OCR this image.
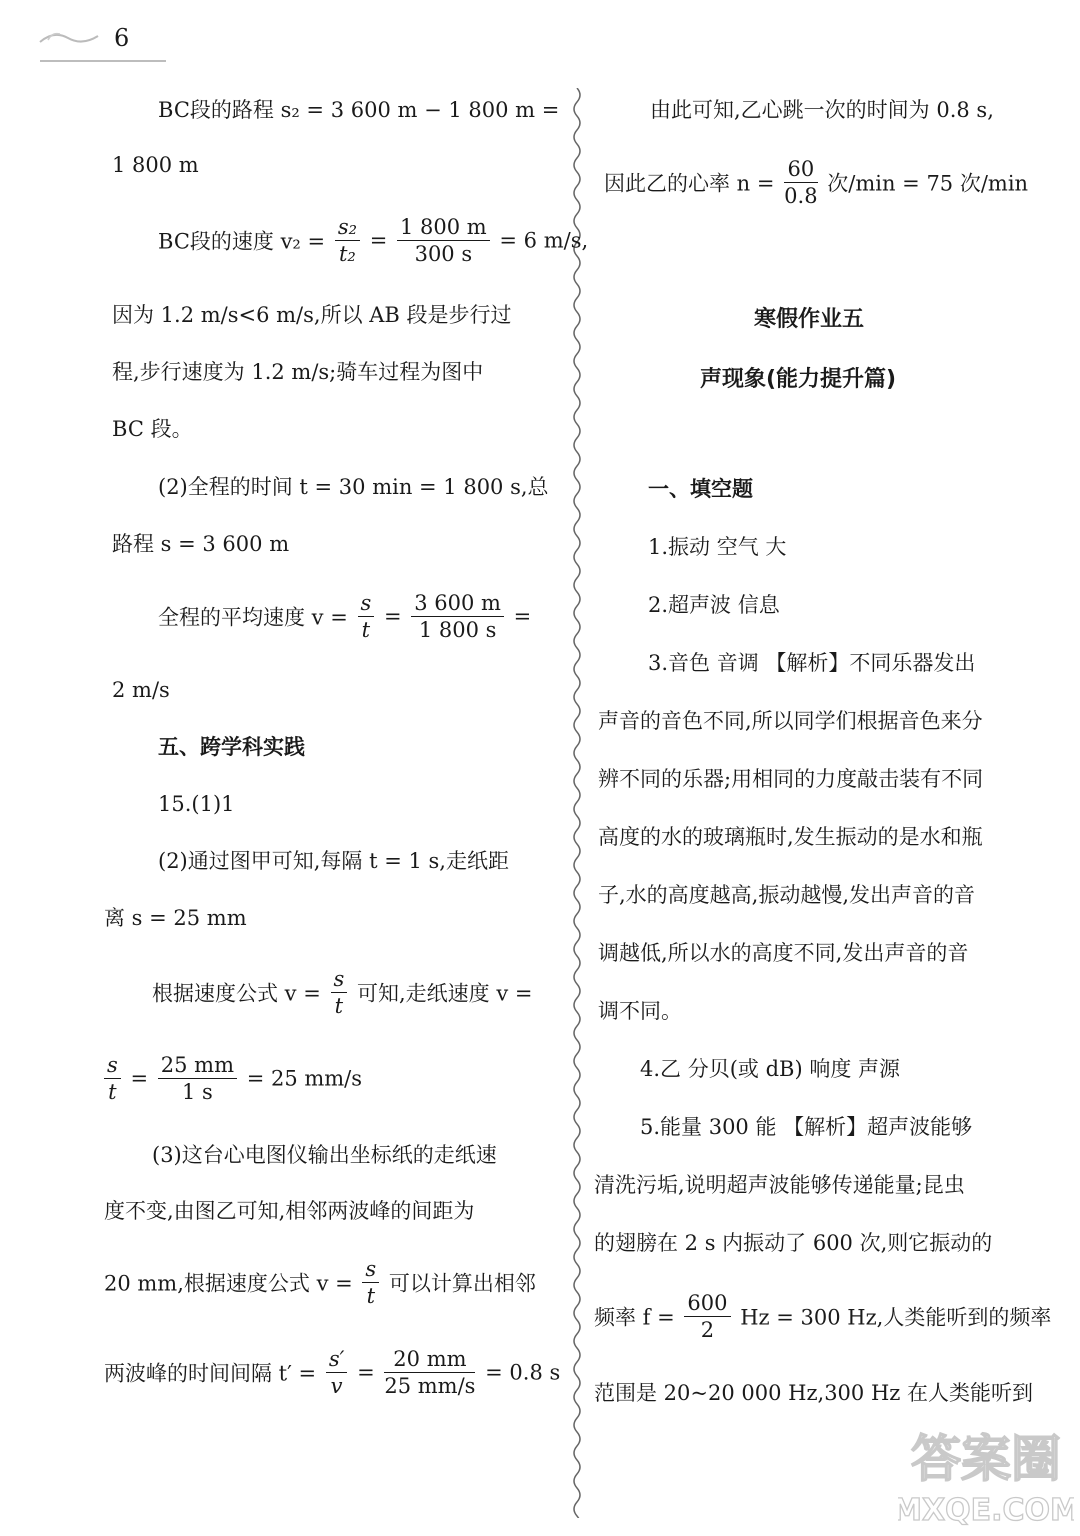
6
BC段的路程 s₂ = 3 600 m − 1 800 m =
1 800 m
BC段的速度 $v_2 = \frac{\text{s₂}}{\text{t₂}} = \frac{1 800 m}{300 s} = 6$ m/s,
因为 1.2 m/s<6 m/s,所以 AB 段是步行过
程,步行速度为 1.2 m/s;骑车过程为图中
BC 段。
(2)全程的时间 t = 30 min = 1 800 s,总
路程 s = 3 600 m
全程的平均速度 $v = \frac{s}{t} = \frac{3 600 m}{1 800 s}$ =
2 m/s
五、跨学科实践
15.(1)1
(2)通过图甲可知,每隔 t = 1 s,走纸距
离 s = 25 mm
根据速度公式 $v = \frac{s}{t}$ 可知,走纸速度 v =
$\frac{s}{t} = \frac{25 mm}{1 s} = 25$ mm/s
(3)这台心电图仪输出坐标纸的走纸速
度不变,由图乙可知,相邻两波峰的间距为
20 mm,根据速度公式 $v = \frac{s}{t}$ 可以计算出相邻
两波峰的时间间隔 $t' = \frac{s'}{v} = \frac{20 mm}{25 mm/s} = 0.8$ s
由此可知,乙心跳一次的时间为 0.8 s,
因此乙的心率 $n = \frac{60}{0.8}$ 次/min = 75 次/min
寒假作业五
声现象(能力提升篇)
一、填空题
1.振动 空气 大
2.超声波 信息
3.音色 音调 【解析】不同乐器发出
声音的音色不同,所以同学们根据音色来分
辨不同的乐器;用相同的力度敲击装有不同
高度的水的玻璃瓶时,发生振动的是水和瓶
子,水的高度越高,振动越慢,发出声音的音
调越低,所以水的高度不同,发出声音的音
调不同。
4.乙 分贝(或 dB) 响度 声源
5.能量 300 能 【解析】超声波能够
清洗污垢,说明超声波能够传递能量;昆虫
的翅膀在 2 s 内振动了 600 次,则它振动的
频率 $f = \frac{600}{2}$ Hz = 300 Hz,人类能听到的频率
范围是 20~20 000 Hz,300 Hz 在人类能听到
答案圈
MXQE.COM
